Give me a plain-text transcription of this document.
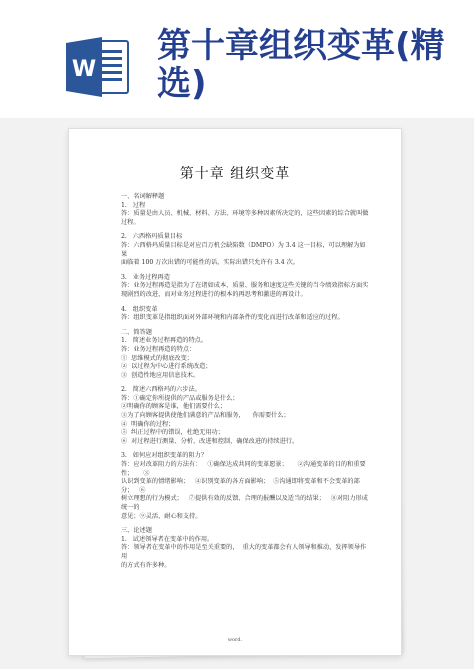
W
第十章组织变革(精选)
第十章 组织变革

一、名词解释题

1.   过程

答：质量是由人员、机械、材料、方法、环境等多种因素所决定的，这些因素的综合就叫做

过程。

2.   六西格玛质量目标

答：六西格玛质量目标是对应百万机会缺陷数（DMPO）为 3.4 这一目标，可以理解为如果

面临着 100 万次出错的可能性的话，实际出错只允许有 3.4 次。

3.   业务过程再造

答：业务过程再造是指为了在诸如成本、质量、服务和速度这些关键的当今绩效指标方面实

现剧烈的改进，而对业务过程进行的根本的再思考和激进的再设计。

4.   组织变革

答：组织变革是指组织面对外部环境和内部条件的变化而进行改革和适应的过程。

二、简答题

1.   简述业务过程再造的特点。

答：业务过程再造的特点：

①  思维模式的彻底改变；

②  以过程为中心进行系统改造；

③  创造性地应用信息技术。

2.   简述六西格玛的六步法。

答：①确定你所提供的产品或服务是什么；

②明确你的顾客是谁，他们需要什么；

③为了向顾客提供使他们满意的产品和服务，    你需要什么；

④  明确你的过程；

⑤  纠正过程中的错误，杜绝无用功；

⑥  对过程进行测量、分析、改进和控制，确保改进的持续进行。

3.   如何应对组织变革的阻力？

答：应对改革阻力的方法有：   ①确保达成共同的变革愿景；     ②沟通变革的目的和重要性；     ③

认识到变革的情绪影响；   ④识别变革的各方面影响；  ⑤沟通即将变革和不会变革的部分；   ⑥

树立理想的行为模式；   ⑦提供有效的反馈、合理的报酬以及适当的结果；   ⑧对阻力形成统一的

意见；⑨灵活、耐心和支持。

三、论述题

1.   试述领导者在变革中的作用。

答：领导者在变革中的作用是至关重要的，  重大的变革都会有人领导和推动，发挥领导作用

的方式有许多种。

word.
